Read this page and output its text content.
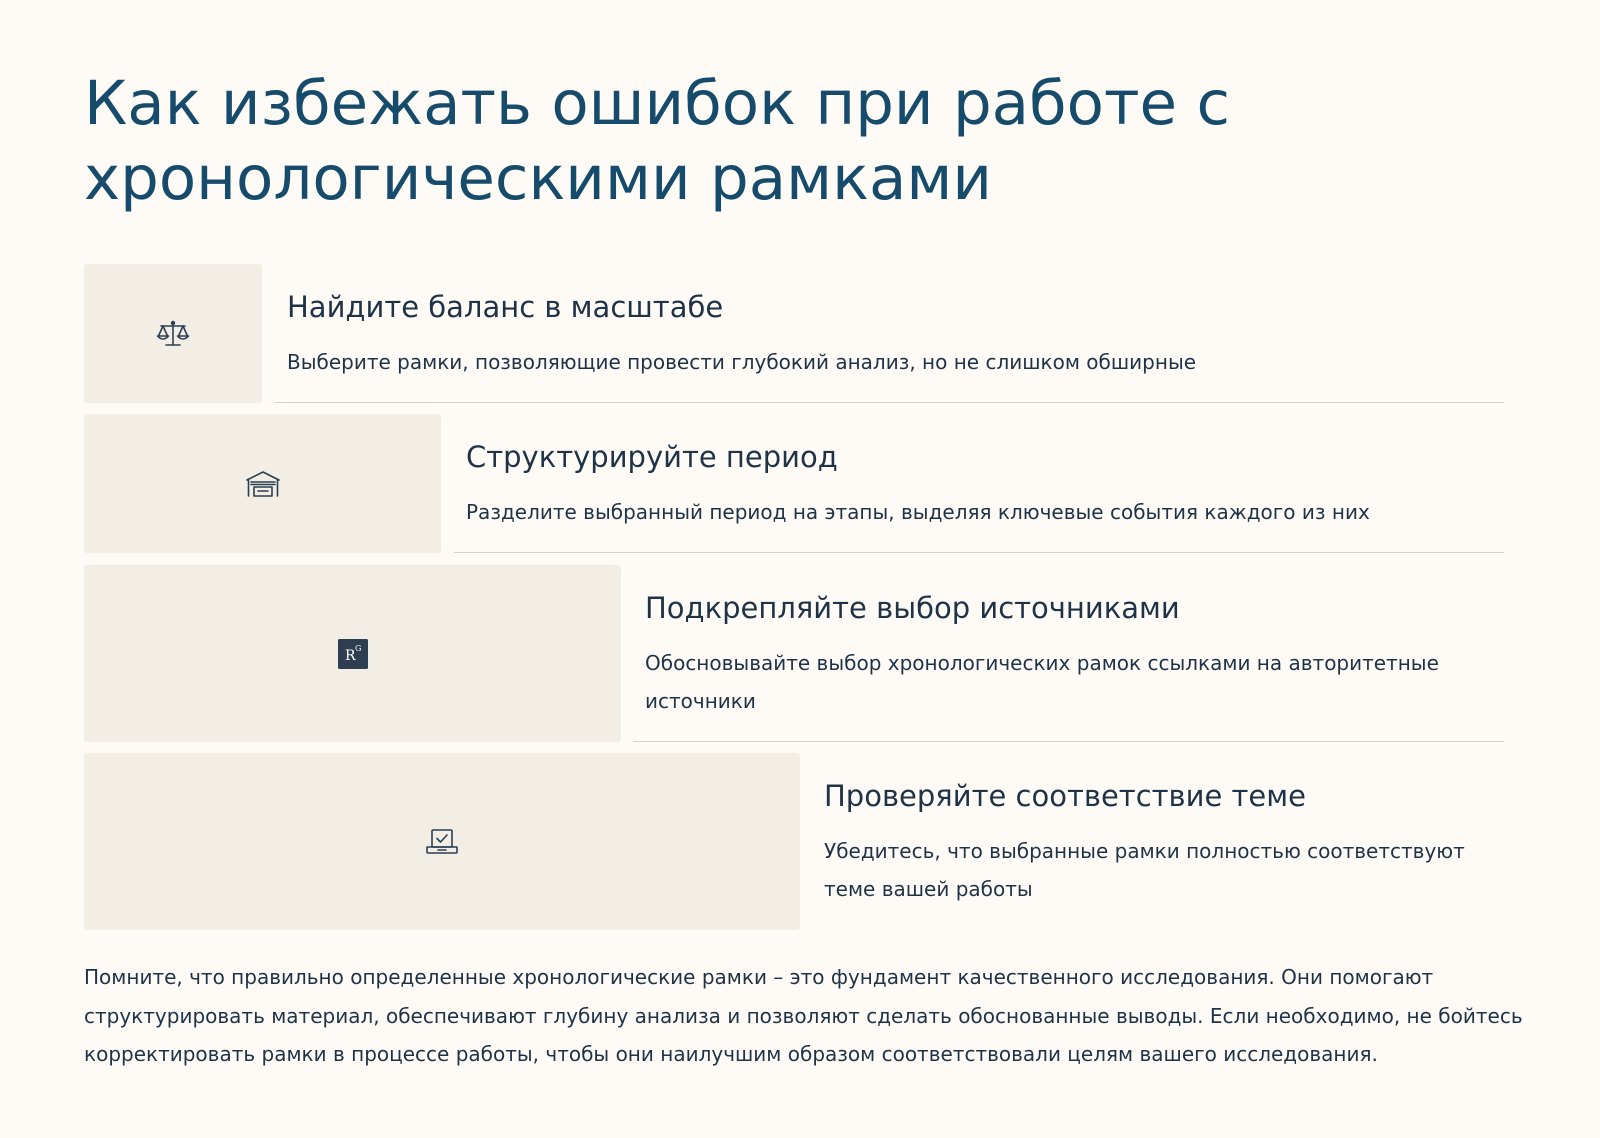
Как избежать ошибок при работе с хронологическими рамками
Найдите баланс в масштабе

Выберите рамки, позволяющие провести глубокий анализ, но не слишком обширные

Структурируйте период

Разделите выбранный период на этапы, выделяя ключевые события каждого из них

R G
Подкрепляйте выбор источниками

Обосновывайте выбор хронологических рамок ссылками на авторитетные источники

Проверяйте соответствие теме

Убедитесь, что выбранные рамки полностью соответствуют теме вашей работы

Помните, что правильно определенные хронологические рамки – это фундамент качественного исследования. Они помогают структурировать материал, обеспечивают глубину анализа и позволяют сделать обоснованные выводы. Если необходимо, не бойтесь корректировать рамки в процессе работы, чтобы они наилучшим образом соответствовали целям вашего исследования.
